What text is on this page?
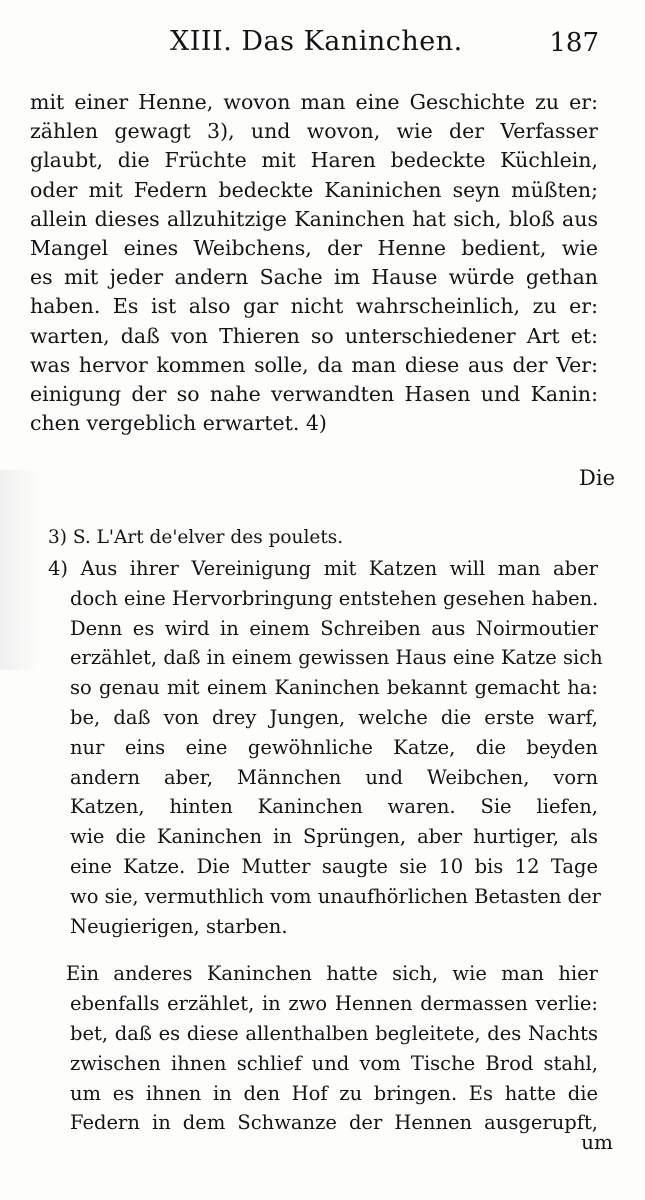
XIII. Das Kaninchen.	187
mit einer Henne, wovon man eine Geschichte zu er:
zählen gewagt 3), und wovon, wie der Verfasser
glaubt, die Früchte mit Haren bedeckte Küchlein,
oder mit Federn bedeckte Kaninichen seyn müßten;
allein dieses allzuhitzige Kaninchen hat sich, bloß aus
Mangel eines Weibchens, der Henne bedient, wie
es mit jeder andern Sache im Hause würde gethan
haben. Es ist also gar nicht wahrscheinlich, zu er:
warten, daß von Thieren so unterschiedener Art et:
was hervor kommen solle, da man diese aus der Ver:
einigung der so nahe verwandten Hasen und Kanin:
chen vergeblich erwartet. 4)
Die
3) S. L'Art de'elver des poulets.
4) Aus ihrer Vereinigung mit Katzen will man aber
doch eine Hervorbringung entstehen gesehen haben.
Denn es wird in einem Schreiben aus Noirmoutier
erzählet, daß in einem gewissen Haus eine Katze sich
so genau mit einem Kaninchen bekannt gemacht ha:
be, daß von drey Jungen, welche die erste warf,
nur eins eine gewöhnliche Katze, die beyden
andern aber, Männchen und Weibchen, vorn
Katzen, hinten Kaninchen waren. Sie liefen,
wie die Kaninchen in Sprüngen, aber hurtiger, als
eine Katze. Die Mutter saugte sie 10 bis 12 Tage
wo sie, vermuthlich vom unaufhörlichen Betasten der
Neugierigen, starben.
Ein anderes Kaninchen hatte sich, wie man hier
ebenfalls erzählet, in zwo Hennen dermassen verlie:
bet, daß es diese allenthalben begleitete, des Nachts
zwischen ihnen schlief und vom Tische Brod stahl,
um es ihnen in den Hof zu bringen. Es hatte die
Federn in dem Schwanze der Hennen ausgerupft,
um
